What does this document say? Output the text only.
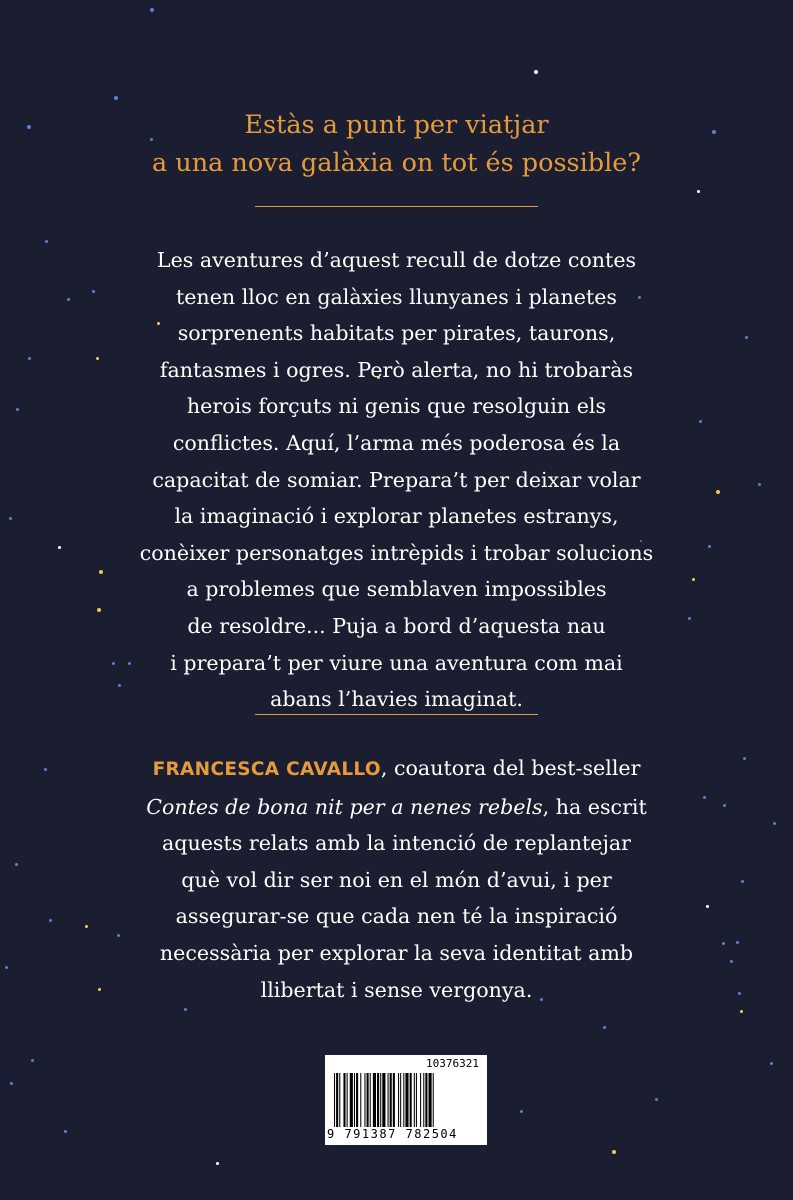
Estàs a punt per viatjar
a una nova galàxia on tot és possible?
Les aventures d’aquest recull de dotze contes
tenen lloc en galàxies llunyanes i planetes
sorprenents habitats per pirates, taurons,
fantasmes i ogres. Però alerta, no hi trobaràs
herois forçuts ni genis que resolguin els
conflictes. Aquí, l’arma més poderosa és la
capacitat de somiar. Prepara’t per deixar volar
la imaginació i explorar planetes estranys,
conèixer personatges intrèpids i trobar solucions
a problemes que semblaven impossibles
de resoldre... Puja a bord d’aquesta nau
i prepara’t per viure una aventura com mai
abans l’havies imaginat.
FRANCESCA CAVALLO, coautora del best-seller
Contes de bona nit per a nenes rebels, ha escrit
aquests relats amb la intenció de replantejar
què vol dir ser noi en el món d’avui, i per
assegurar-se que cada nen té la inspiració
necessària per explorar la seva identitat amb
llibertat i sense vergonya.
10376321
9 791387 782504
